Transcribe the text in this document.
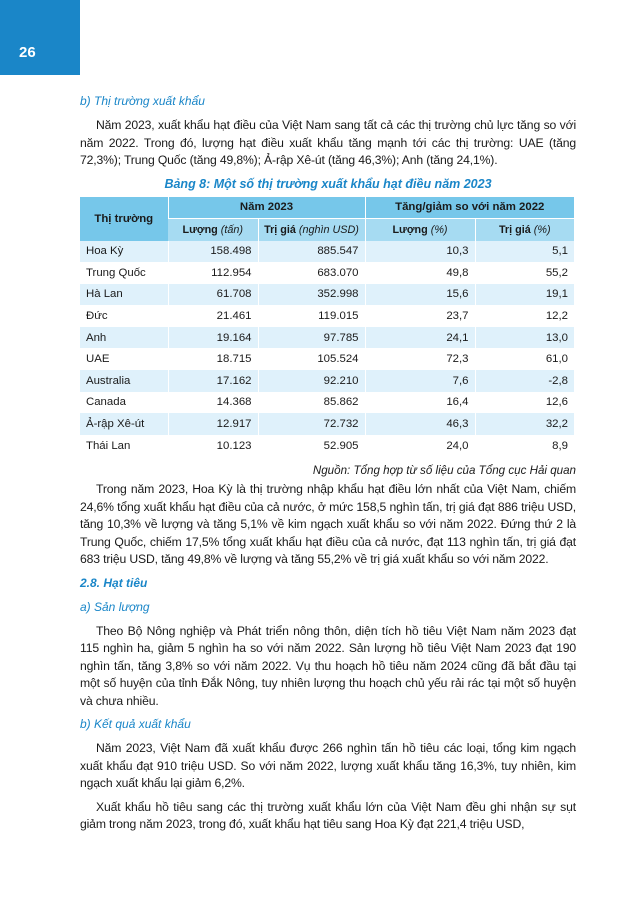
26
b) Thị trường xuất khẩu

Năm 2023, xuất khẩu hạt điều của Việt Nam sang tất cả các thị trường chủ lực tăng so với năm 2022. Trong đó, lượng hạt điều xuất khẩu tăng mạnh tới các thị trường: UAE (tăng 72,3%); Trung Quốc (tăng 49,8%); Ả-rập Xê-út (tăng 46,3%); Anh (tăng 24,1%).

Bảng 8: Một số thị trường xuất khẩu hạt điều năm 2023
Thị trường	Năm 2023		Tăng/giảm so với năm 2022	
	Lượng (tấn)	Trị giá (nghìn USD)	Lượng (%)	Trị giá (%)
Hoa Kỳ	158.498	885.547	10,3	5,1
Trung Quốc	112.954	683.070	49,8	55,2
Hà Lan	61.708	352.998	15,6	19,1
Đức	21.461	119.015	23,7	12,2
Anh	19.164	97.785	24,1	13,0
UAE	18.715	105.524	72,3	61,0
Australia	17.162	92.210	7,6	-2,8
Canada	14.368	85.862	16,4	12,6
Ả-rập Xê-út	12.917	72.732	46,3	32,2
Thái Lan	10.123	52.905	24,0	8,9
Nguồn: Tổng hợp từ số liệu của Tổng cục Hải quan

Trong năm 2023, Hoa Kỳ là thị trường nhập khẩu hạt điều lớn nhất của Việt Nam, chiếm 24,6% tổng xuất khẩu hạt điều của cả nước, ở mức 158,5 nghìn tấn, trị giá đạt 886 triệu USD, tăng 10,3% về lượng và tăng 5,1% về kim ngạch xuất khẩu so với năm 2022. Đứng thứ 2 là Trung Quốc, chiếm 17,5% tổng xuất khẩu hạt điều của cả nước, đạt 113 nghìn tấn, trị giá đạt 683 triệu USD, tăng 49,8% về lượng và tăng 55,2% về trị giá xuất khẩu so với năm 2022.

2.8. Hạt tiêu
a) Sản lượng

Theo Bộ Nông nghiệp và Phát triển nông thôn, diện tích hồ tiêu Việt Nam năm 2023 đạt 115 nghìn ha, giảm 5 nghìn ha so với năm 2022. Sản lượng hồ tiêu Việt Nam 2023 đạt 190 nghìn tấn, tăng 3,8% so với năm 2022. Vụ thu hoạch hồ tiêu năm 2024 cũng đã bắt đầu tại một số huyện của tỉnh Đắk Nông, tuy nhiên lượng thu hoạch chủ yếu rải rác tại một số huyện và chưa nhiều.

b) Kết quả xuất khẩu

Năm 2023, Việt Nam đã xuất khẩu được 266 nghìn tấn hồ tiêu các loại, tổng kim ngạch xuất khẩu đạt 910 triệu USD. So với năm 2022, lượng xuất khẩu tăng 16,3%, tuy nhiên, kim ngạch xuất khẩu lại giảm 6,2%.

Xuất khẩu hồ tiêu sang các thị trường xuất khẩu lớn của Việt Nam đều ghi nhận sự sụt giảm trong năm 2023, trong đó, xuất khẩu hạt tiêu sang Hoa Kỳ đạt 221,4 triệu USD,
